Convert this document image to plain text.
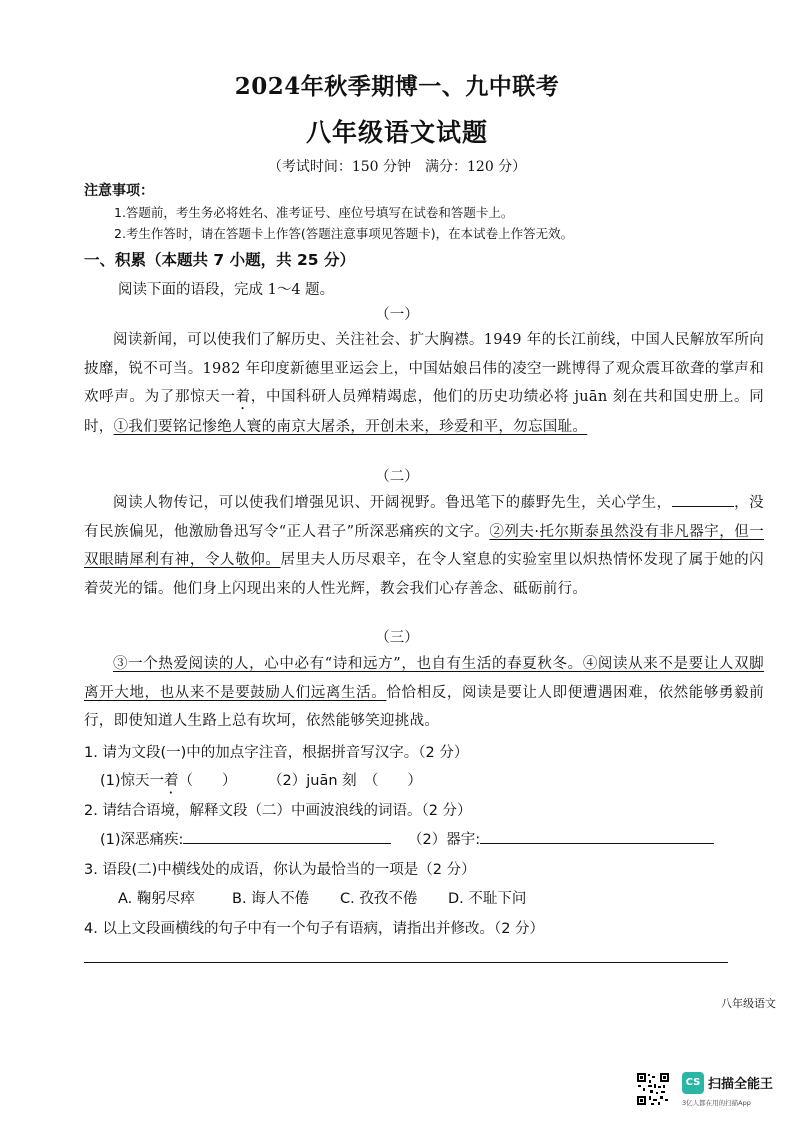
2024年秋季期博一、九中联考
八年级语文试题
（考试时间：150 分钟　满分：120 分）
注意事项：
1.答题前，考生务必将姓名、准考证号、座位号填写在试卷和答题卡上。
2.考生作答时，请在答题卡上作答(答题注意事项见答题卡)，在本试卷上作答无效。
一、积累（本题共 7 小题，共 25 分）
阅读下面的语段，完成 1～4 题。
（一）
阅读新闻，可以使我们了解历史、关注社会、扩大胸襟。1949 年的长江前线，中国人民解放军所向披靡，锐不可当。1982 年印度新德里亚运会上，中国姑娘吕伟的凌空一跳博得了观众震耳欲聋的掌声和欢呼声。为了那惊天一着，中国科研人员殚精竭虑，他们的历史功绩必将 juān 刻在共和国史册上。同时，①我们要铭记惨绝人寰的南京大屠杀，开创未来，珍爱和平，勿忘国耻。
（二）
阅读人物传记，可以使我们增强见识、开阔视野。鲁迅笔下的藤野先生，关心学生，	，没有民族偏见，他激励鲁迅写令“正人君子”所深恶痛疾的文字。②列夫·托尔斯泰虽然没有非凡器宇，但一双眼睛犀利有神，令人敬仰。居里夫人历尽艰辛，在令人窒息的实验室里以炽热情怀发现了属于她的闪着荧光的镭。他们身上闪现出来的人性光辉，教会我们心存善念、砥砺前行。
（三）
③一个热爱阅读的人，心中必有“诗和远方”，也自有生活的春夏秋冬。④阅读从来不是要让人双脚离开大地，也从来不是要鼓励人们远离生活。恰恰相反，阅读是要让人即便遭遇困难，依然能够勇毅前行，即使知道人生路上总有坎坷，依然能够笑迎挑战。
1. 请为文段(一)中的加点字注音，根据拼音写汉字。（2 分）
(1)惊天一着（　　） （2）juān 刻　（　　）
2. 请结合语境，解释文段（二）中画波浪线的词语。（2 分）
(1)深恶痛疾:	（2）器宇:
3. 语段(二)中横线处的成语，你认为最恰当的一项是（2 分）
A. 鞠躬尽瘁	B. 诲人不倦 C. 孜孜不倦 D. 不耻下问
4. 以上文段画横线的句子中有一个句子有语病，请指出并修改。（2 分）
八年级语文
CS 扫描全能王
3亿人都在用的扫描App
